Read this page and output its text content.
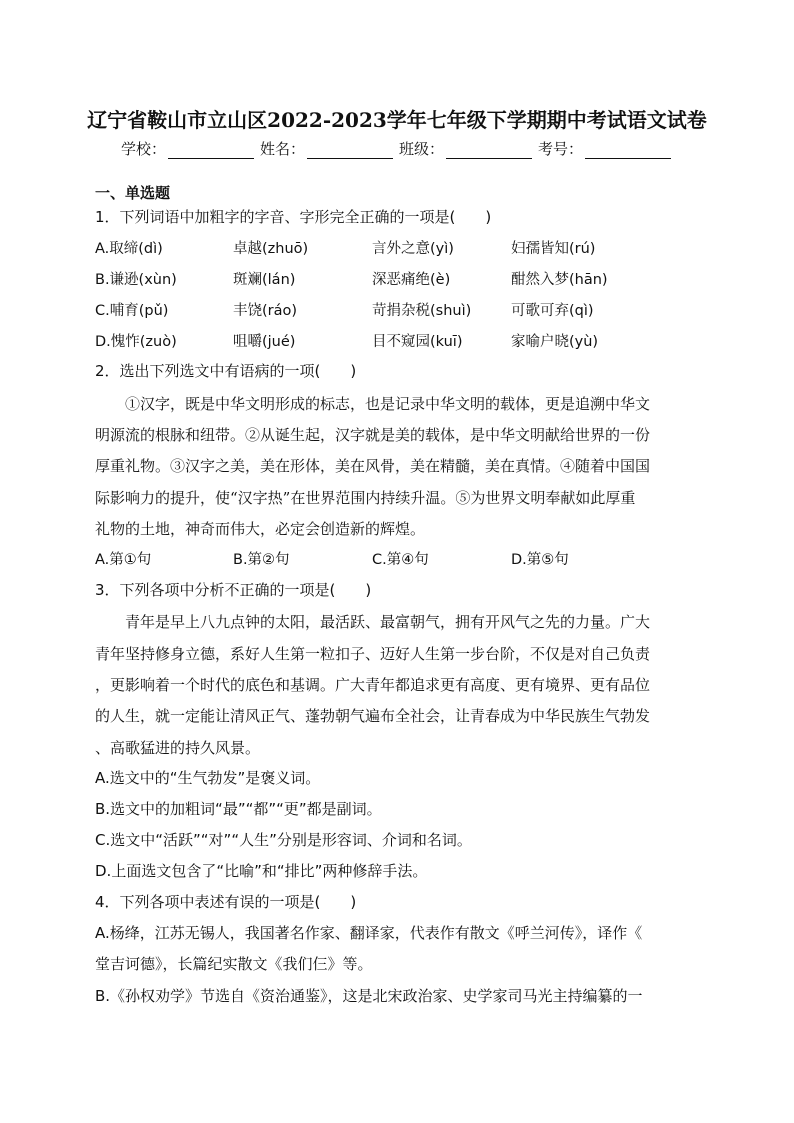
辽宁省鞍山市立山区2022-2023学年七年级下学期期中考试语文试卷
学校：	姓名：	班级：	考号：
一、单选题
1．下列词语中加粗字的字音、字形完全正确的一项是(　　)
A.取缔(dì)	卓越(zhuō)	言外之意(yì)	妇孺皆知(rú)
B.谦逊(xùn)	斑斓(lán)	深恶痛绝(è)	酣然入梦(hān)
C.哺育(pǔ)	丰饶(ráo)	苛捐杂税(shuì)	可歌可弃(qì)
D.愧怍(zuò)	咀嚼(jué)	目不窥园(kuī)	家喻户晓(yù)
2．选出下列选文中有语病的一项(　　)
①汉字，既是中华文明形成的标志，也是记录中华文明的载体，更是追溯中华文
明源流的根脉和纽带。②从诞生起，汉字就是美的载体，是中华文明献给世界的一份
厚重礼物。③汉字之美，美在形体，美在风骨，美在精髓，美在真情。④随着中国国
际影响力的提升，使“汉字热”在世界范围内持续升温。⑤为世界文明奉献如此厚重
礼物的土地，神奇而伟大，必定会创造新的辉煌。
A.第①句	B.第②句	C.第④句	D.第⑤句
3．下列各项中分析不正确的一项是(　　)
青年是早上八九点钟的太阳，最活跃、最富朝气，拥有开风气之先的力量。广大
青年坚持修身立德，系好人生第一粒扣子、迈好人生第一步台阶，不仅是对自己负责
，更影响着一个时代的底色和基调。广大青年都追求更有高度、更有境界、更有品位
的人生，就一定能让清风正气、蓬勃朝气遍布全社会，让青春成为中华民族生气勃发
、高歌猛进的持久风景。
A.选文中的“生气勃发”是褒义词。
B.选文中的加粗词“最”“都”“更”都是副词。
C.选文中“活跃”“对”“人生”分别是形容词、介词和名词。
D.上面选文包含了“比喻”和“排比”两种修辞手法。
4．下列各项中表述有误的一项是(　　)
A.杨绛，江苏无锡人，我国著名作家、翻译家，代表作有散文《呼兰河传》，译作《
堂吉诃德》，长篇纪实散文《我们仨》等。
B.《孙权劝学》节选自《资治通鉴》，这是北宋政治家、史学家司马光主持编纂的一
